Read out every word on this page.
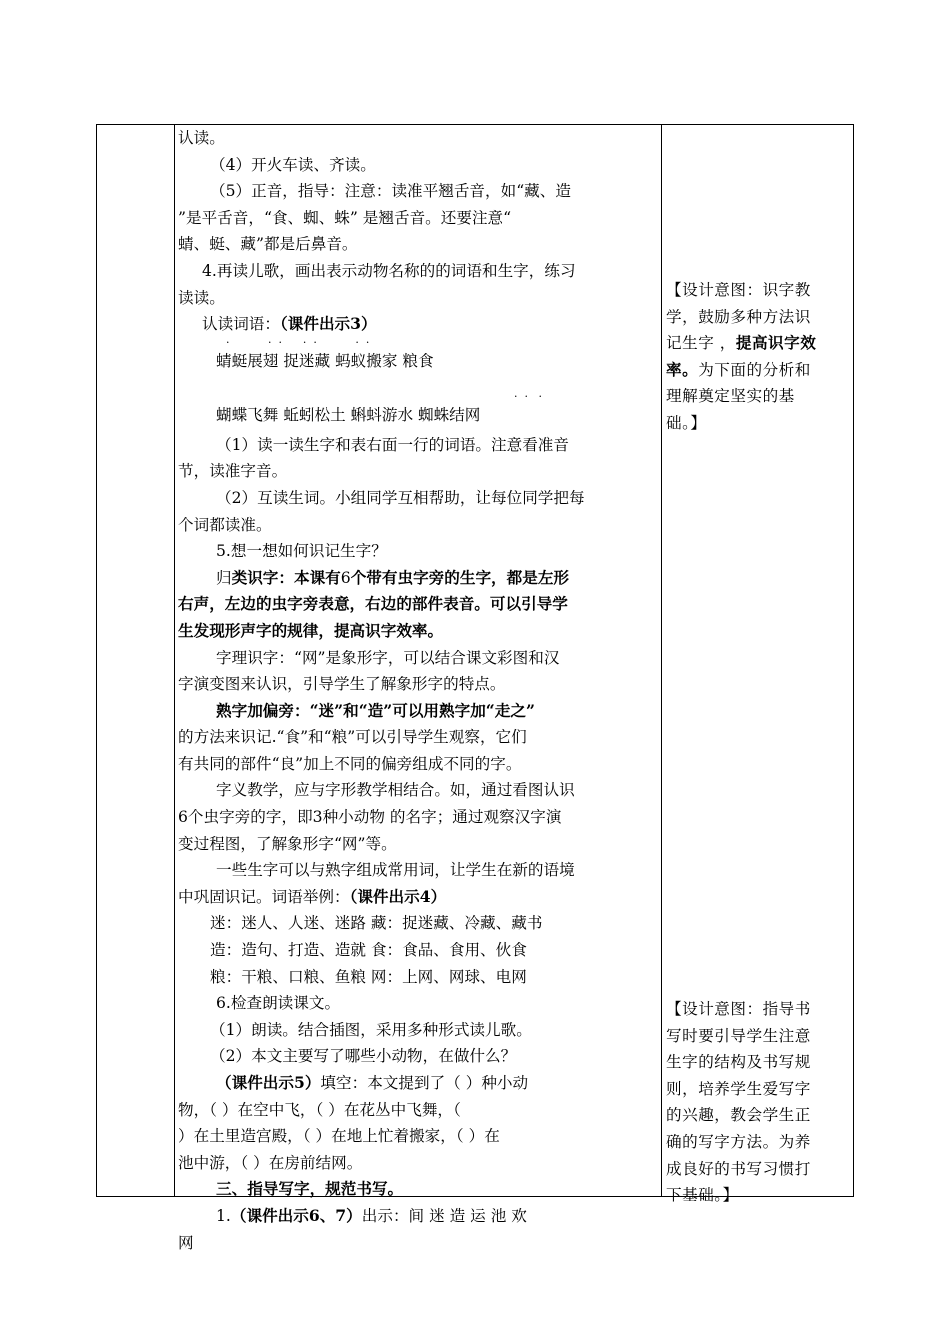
认读。

（4）开火车读、齐读。

（5）正音，指导：注意：读准平翘舌音，如“藏、造

”是平舌音，“食、蜘、蛛” 是翘舌音。还要注意“

蜻、蜓、藏”都是后鼻音。

4.再读儿歌，画出表示动物名称的的词语和生字，练习

读读。

认读词语：（课件出示3）

·           ·  ·      ·  ·           ·  ·

蜻蜓展翅 捉迷藏 蚂蚁搬家 粮食

·  ·   ·

蝴蝶飞舞 蚯蚓松土 蝌蚪游水 蜘蛛结网

（1）读一读生字和表右面一行的词语。注意看准音

节，读准字音。

（2）互读生词。小组同学互相帮助，让每位同学把每

个词都读准。

5.想一想如何识记生字？

归类识字：本课有6个带有虫字旁的生字，都是左形

右声，左边的虫字旁表意，右边的部件表音。可以引导学

生发现形声字的规律，提高识字效率。

字理识字：“网”是象形字，可以结合课文彩图和汉

字演变图来认识，引导学生了解象形字的特点。

熟字加偏旁：“迷”和“造”可以用熟字加“走之”

的方法来识记.“食”和“粮”可以引导学生观察，它们

有共同的部件“良”加上不同的偏旁组成不同的字。

字义教学，应与字形教学相结合。如，通过看图认识

6个虫字旁的字，即3种小动物 的名字；通过观察汉字演

变过程图，了解象形字“网”等。

一些生字可以与熟字组成常用词，让学生在新的语境

中巩固识记。词语举例：（课件出示4）

迷：迷人、人迷、迷路 藏：捉迷藏、冷藏、藏书

造：造句、打造、造就 食：食品、食用、伙食

粮：干粮、口粮、鱼粮 网：上网、网球、电网

6.检查朗读课文。

（1）朗读。结合插图，采用多种形式读儿歌。

（2）本文主要写了哪些小动物，在做什么？

（课件出示5）填空：本文提到了（ ）种小动

物，（ ）在空中飞，（ ）在花丛中飞舞，（

）在土里造宫殿，（ ）在地上忙着搬家，（ ）在

池中游，（ ）在房前结网。

三、指导写字，规范书写。

1.（课件出示6、7）出示：间 迷 造 运 池 欢

网

【设计意图：识字教

学，鼓励多种方法识

记生字 ，提高识字效

率。为下面的分析和

理解奠定坚实的基

础。】

【设计意图：指导书

写时要引导学生注意

生字的结构及书写规

则，培养学生爱写字

的兴趣，教会学生正

确的写字方法。为养

成良好的书写习惯打

下基础。】
